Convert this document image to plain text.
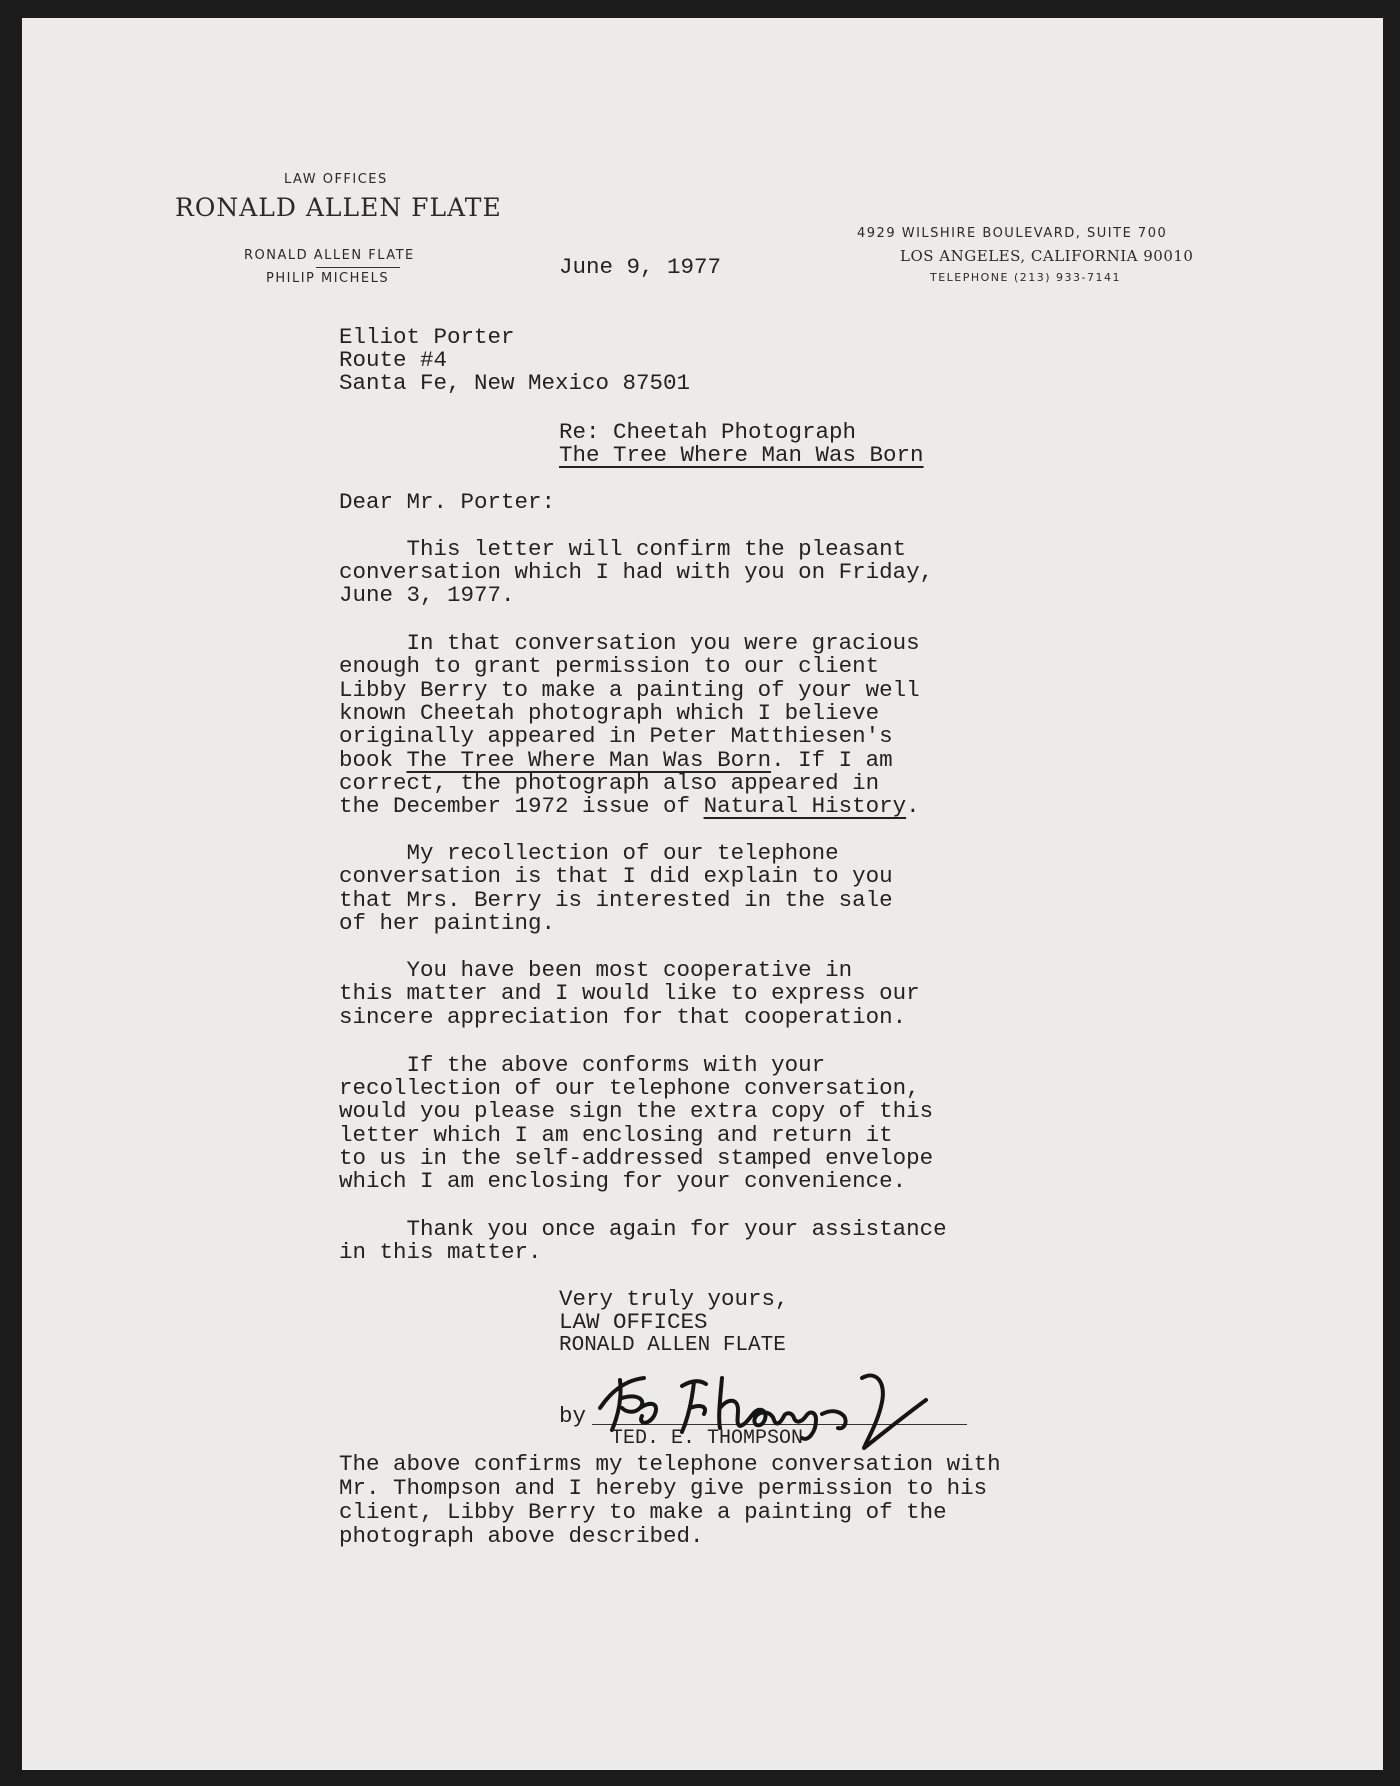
LAW OFFICES
RONALD ALLEN FLATE
RONALD ALLEN FLATE
PHILIP MICHELS
4929 WILSHIRE BOULEVARD, SUITE 700
LOS ANGELES, CALIFORNIA 90010
TELEPHONE (213) 933-7141
June 9, 1977
Elliot Porter
Route #4
Santa Fe, New Mexico 87501
Re: Cheetah Photograph
The Tree Where Man Was Born
Dear Mr. Porter:
This letter will confirm the pleasant
conversation which I had with you on Friday,
June 3, 1977.
In that conversation you were gracious
enough to grant permission to our client
Libby Berry to make a painting of your well
known Cheetah photograph which I believe
originally appeared in Peter Matthiesen's
book The Tree Where Man Was Born. If I am
correct, the photograph also appeared in
the December 1972 issue of Natural History.
My recollection of our telephone
conversation is that I did explain to you
that Mrs. Berry is interested in the sale
of her painting.
You have been most cooperative in
this matter and I would like to express our
sincere appreciation for that cooperation.
If the above conforms with your
recollection of our telephone conversation,
would you please sign the extra copy of this
letter which I am enclosing and return it
to us in the self-addressed stamped envelope
which I am enclosing for your convenience.
Thank you once again for your assistance
in this matter.
Very truly yours,
LAW OFFICES
RONALD ALLEN FLATE
by
TED. E. THOMPSON
The above confirms my telephone conversation with
Mr. Thompson and I hereby give permission to his
client, Libby Berry to make a painting of the
photograph above described.
